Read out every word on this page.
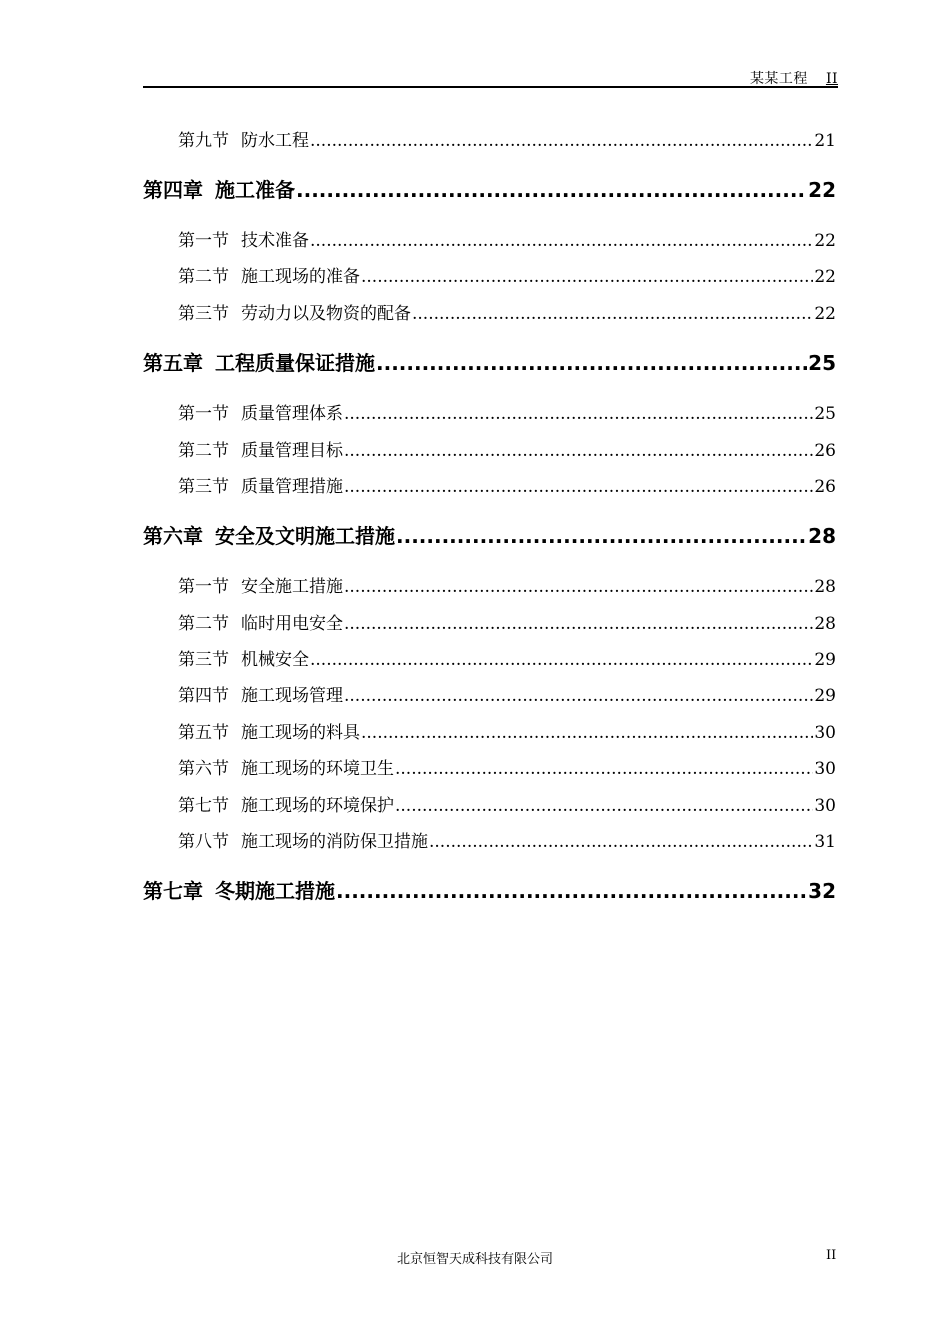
某某工程 II
第九节 防水工程 .....	21
第四章 施工准备 .....	22
第一节 技术准备 .....	22
第二节 施工现场的准备 .....	22
第三节 劳动力以及物资的配备 .....	22
第五章 工程质量保证措施 .....	25
第一节 质量管理体系 .....	25
第二节 质量管理目标 .....	26
第三节 质量管理措施 .....	26
第六章 安全及文明施工措施 .....	28
第一节 安全施工措施 .....	28
第二节 临时用电安全 .....	28
第三节 机械安全 .....	29
第四节 施工现场管理 .....	29
第五节 施工现场的料具 .....	30
第六节 施工现场的环境卫生 .....	30
第七节 施工现场的环境保护 .....	30
第八节 施工现场的消防保卫措施 .....	31
第七章 冬期施工措施 .....	32
北京恒智天成科技有限公司	II
